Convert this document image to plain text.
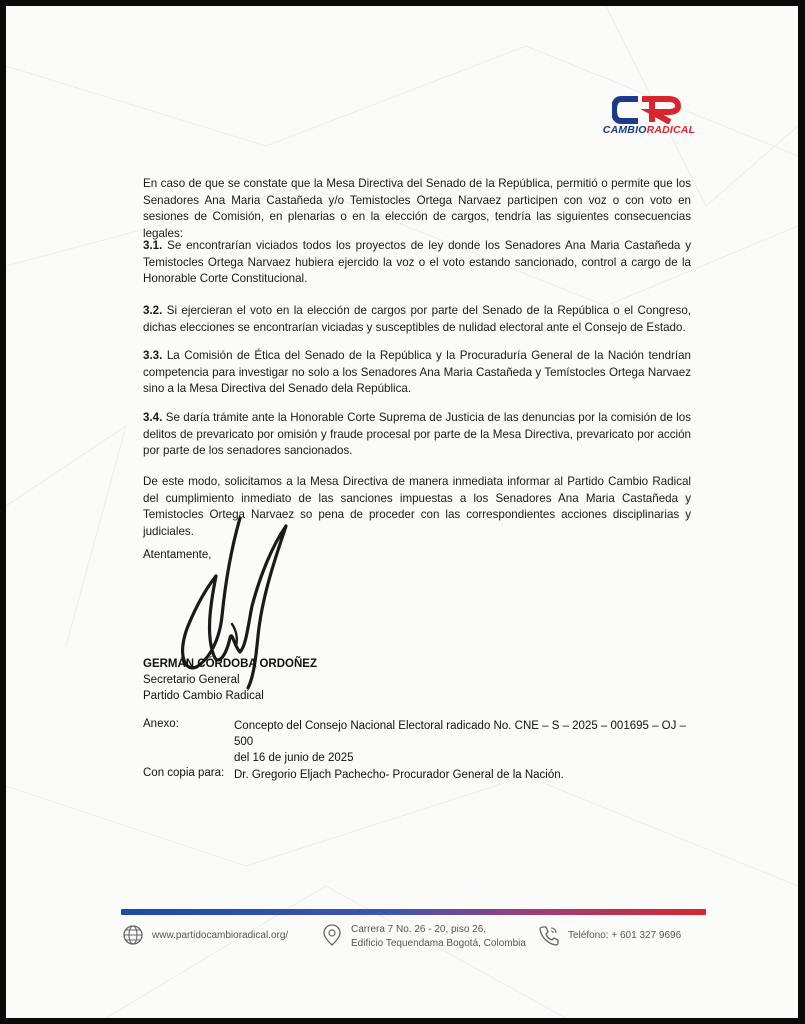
CAMBIORADICAL

En caso de que se constate que la Mesa Directiva del Senado de la República, permitió o permite que los Senadores Ana Maria Castañeda y/o Temistocles Ortega Narvaez participen con voz o con voto en sesiones de Comisión, en plenarias o en la elección de cargos, tendría las siguientes consecuencias legales:

3.1. Se encontrarían viciados todos los proyectos de ley donde los Senadores Ana Maria Castañeda y Temistocles Ortega Narvaez hubiera ejercido la voz o el voto estando sancionado, control a cargo de la Honorable Corte Constitucional.

3.2. Si ejercieran el voto en la elección de cargos por parte del Senado de la República o el Congreso, dichas elecciones se encontrarían viciadas y susceptibles de nulidad electoral ante el Consejo de Estado.

3.3. La Comisión de Ética del Senado de la República y la Procuraduría General de la Nación tendrían competencia para investigar no solo a los Senadores Ana Maria Castañeda y Temístocles Ortega Narvaez sino a la Mesa Directiva del Senado dela República.

3.4. Se daría trámite ante la Honorable Corte Suprema de Justicia de las denuncias por la comisión de los delitos de prevaricato por omisión y fraude procesal por parte de la Mesa Directiva, prevaricato por acción por parte de los senadores sancionados.

De este modo, solicitamos a la Mesa Directiva de manera inmediata informar al Partido Cambio Radical del cumplimiento inmediato de las sanciones impuestas a los Senadores Ana Maria Castañeda y Temistocles Ortega Narvaez so pena de proceder con las correspondientes acciones disciplinarias y judiciales.

Atentamente,
GERMÁN CÓRDOBA ORDOÑEZ
Secretario General
Partido Cambio Radical
Anexo:	Concepto del Consejo Nacional Electoral radicado No. CNE – S – 2025 – 001695 – OJ – 500
del 16 de junio de 2025
Con copia para: Dr. Gregorio Eljach Pachecho- Procurador General de la Nación.
www.partidocambioradical.org/
Carrera 7 No. 26 - 20, piso 26,
Edificio Tequendama Bogotá, Colombia
Teléfono: + 601 327 9696
